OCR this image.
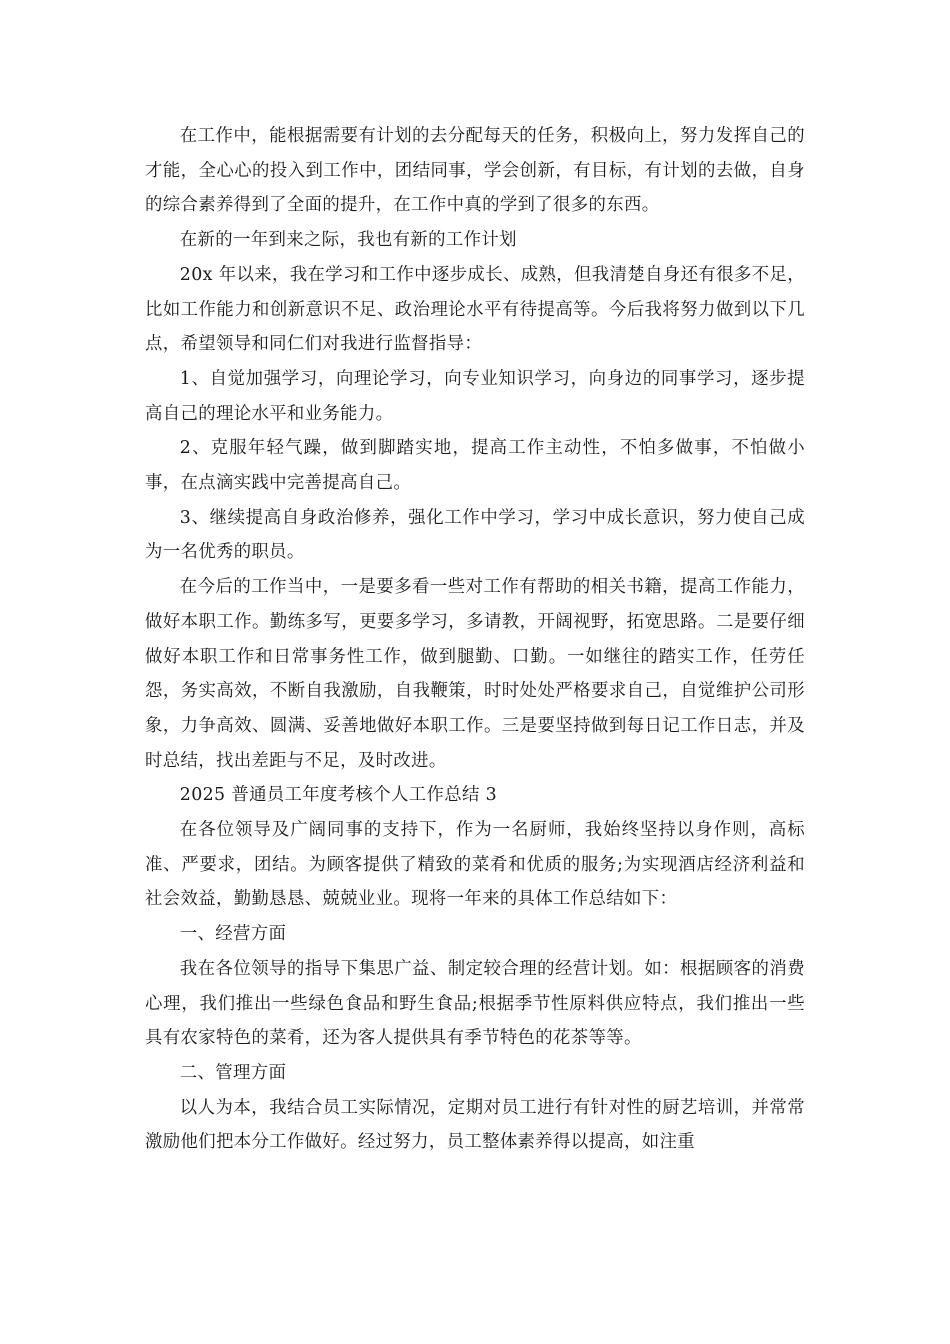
在工作中，能根据需要有计划的去分配每天的任务，积极向上，努力发挥自己的才能，全心心的投入到工作中，团结同事，学会创新，有目标，有计划的去做，自身的综合素养得到了全面的提升，在工作中真的学到了很多的东西。

在新的一年到来之际，我也有新的工作计划

20x 年以来，我在学习和工作中逐步成长、成熟，但我清楚自身还有很多不足，比如工作能力和创新意识不足、政治理论水平有待提高等。今后我将努力做到以下几点，希望领导和同仁们对我进行监督指导：

1、自觉加强学习，向理论学习，向专业知识学习，向身边的同事学习，逐步提高自己的理论水平和业务能力。

2、克服年轻气躁，做到脚踏实地，提高工作主动性，不怕多做事，不怕做小事，在点滴实践中完善提高自己。

3、继续提高自身政治修养，强化工作中学习，学习中成长意识，努力使自己成为一名优秀的职员。

在今后的工作当中，一是要多看一些对工作有帮助的相关书籍，提高工作能力，做好本职工作。勤练多写，更要多学习，多请教，开阔视野，拓宽思路。二是要仔细做好本职工作和日常事务性工作，做到腿勤、口勤。一如继往的踏实工作，任劳任怨，务实高效，不断自我激励，自我鞭策，时时处处严格要求自己，自觉维护公司形象，力争高效、圆满、妥善地做好本职工作。三是要坚持做到每日记工作日志，并及时总结，找出差距与不足，及时改进。

2025 普通员工年度考核个人工作总结 3

在各位领导及广阔同事的支持下，作为一名厨师，我始终坚持以身作则，高标准、严要求，团结。为顾客提供了精致的菜肴和优质的服务;为实现酒店经济利益和社会效益，勤勤恳恳、兢兢业业。现将一年来的具体工作总结如下：

一、经营方面

我在各位领导的指导下集思广益、制定较合理的经营计划。如：根据顾客的消费心理，我们推出一些绿色食品和野生食品;根据季节性原料供应特点，我们推出一些具有农家特色的菜肴，还为客人提供具有季节特色的花茶等等。

二、管理方面

以人为本，我结合员工实际情况，定期对员工进行有针对性的厨艺培训，并常常激励他们把本分工作做好。经过努力，员工整体素养得以提高，如注重
